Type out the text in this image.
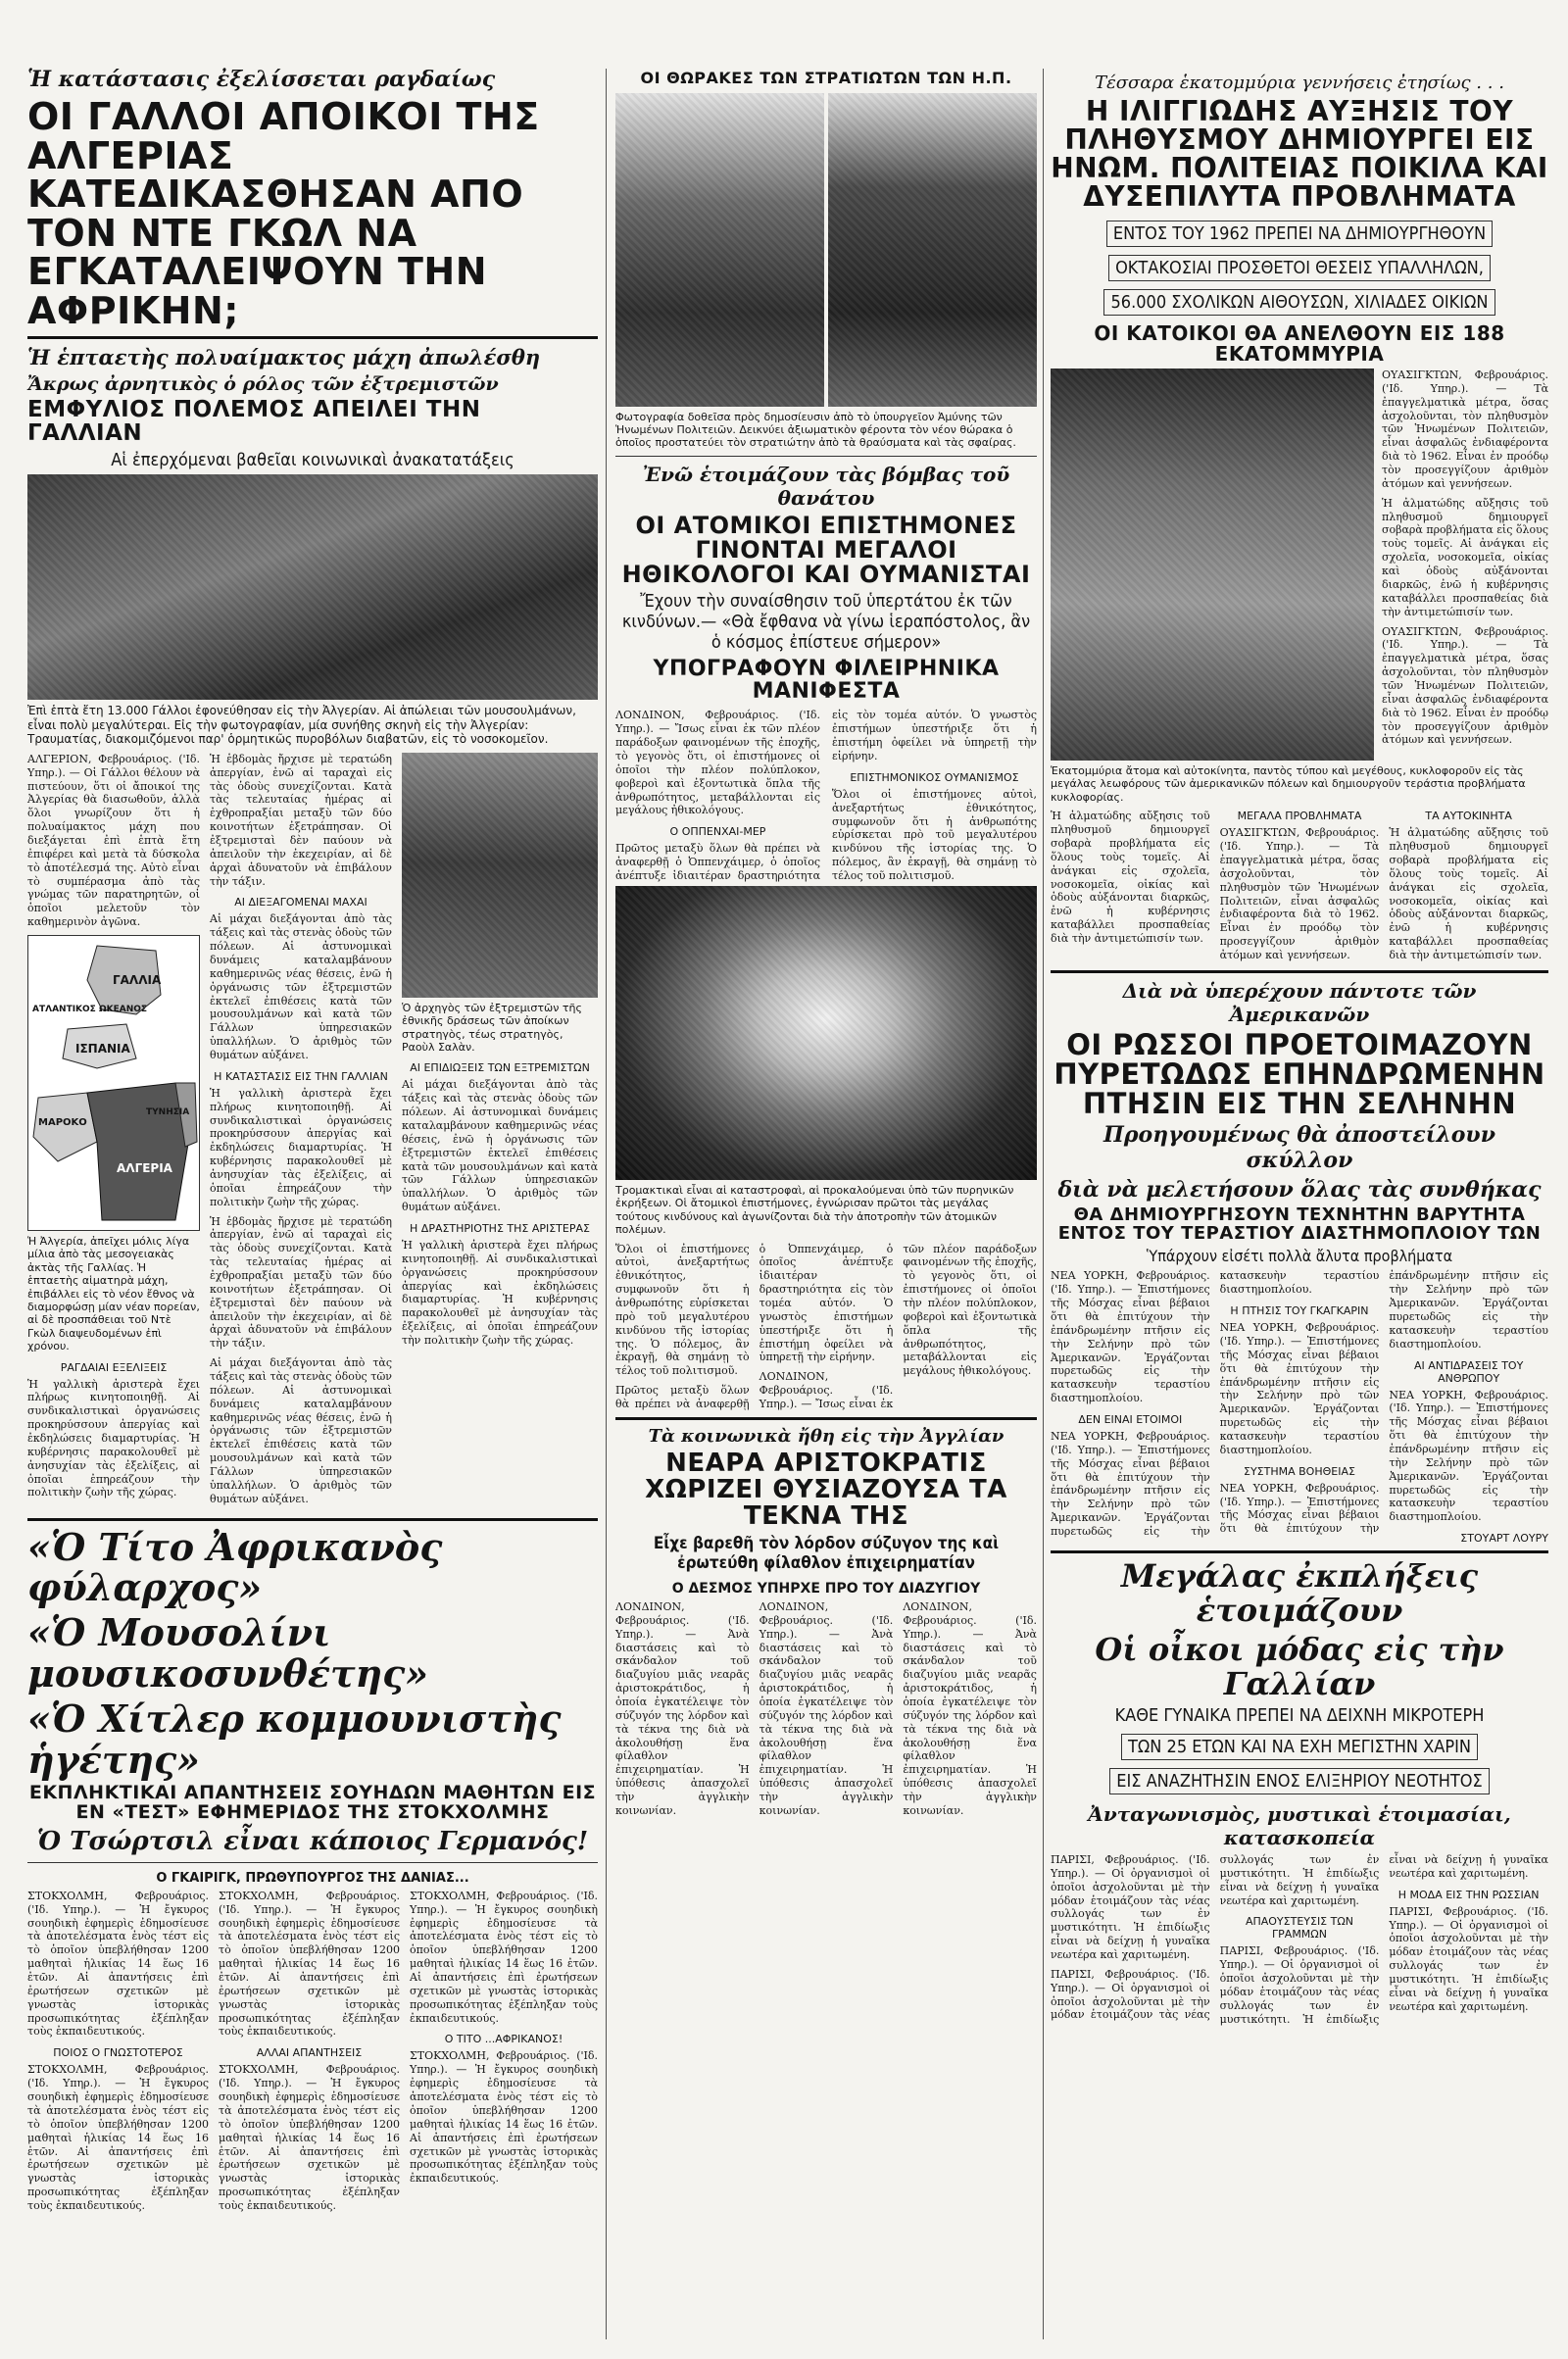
Ἡ κατάστασις ἐξελίσσεται ραγδαίως
ΟΙ ΓΑΛΛΟΙ ΑΠΟΙΚΟΙ ΤΗΣ ΑΛΓΕΡΙΑΣ ΚΑΤΕΔΙΚΑΣΘΗΣΑΝ ΑΠΟ ΤΟΝ ΝΤΕ ΓΚΩΛ ΝΑ ΕΓΚΑΤΑΛΕΙΨΟΥΝ ΤΗΝ ΑΦΡΙΚΗΝ;
Ἡ ἑπταετὴς πολυαίμακτος μάχη ἀπωλέσθη
Ἄκρως ἀρνητικὸς ὁ ρόλος τῶν ἐξτρεμιστῶν
ΕΜΦΥΛΙΟΣ ΠΟΛΕΜΟΣ ΑΠΕΙΛΕΙ ΤΗΝ ΓΑΛΛΙΑΝ
Αἱ ἐπερχόμεναι βαθεῖαι κοινωνικαὶ ἀνακατατάξεις
Ἐπὶ ἑπτὰ ἔτη 13.000 Γάλλοι ἐφονεύθησαν εἰς τὴν Ἀλγερίαν. Αἱ ἀπώλειαι τῶν μουσουλμάνων, εἶναι πολὺ μεγαλύτεραι. Εἰς τὴν φωτογραφίαν, μία συνήθης σκηνὴ εἰς τὴν Ἀλγερίαν: Τραυματίας, διακομιζόμενοι παρ' ὁρμητικῶς πυροβόλων διαβατῶν, εἰς τὸ νοσοκομεῖον.
ΑΛΓΕΡΙΟΝ, Φεβρουάριος. ('Ιδ. Υπηρ.). — Οἱ Γάλλοι θέλουν νὰ πιστεύουν, ὅτι οἱ ἄποικοί της Ἀλγερίας θὰ διασωθοῦν, ἀλλὰ ὅλοι γνωρίζουν ὅτι ἡ πολυαίμακτος μάχη που διεξάγεται ἐπὶ ἑπτὰ ἔτη ἐπιφέρει καὶ μετὰ τὰ δύσκολα τὸ ἀποτέλεσμά της. Αὐτὸ εἶναι τὸ συμπέρασμα ἀπὸ τὰς γνώμας τῶν παρατηρητῶν, οἱ ὁποῖοι μελετοῦν τὸν καθημερινὸν ἀγῶνα.
ΓΑΛΛΙΑ
ΑΤΛΑΝΤΙΚΟΣ ΩΚΕΑΝΟΣ
ΙΣΠΑΝΙΑ
ΜΑΡΟΚΟ
ΑΛΓΕΡΙΑ
ΤΥΝΗΣΙΑ
Ἡ Ἀλγερία, ἀπεῖχει μόλις λίγα μίλια ἀπὸ τὰς μεσογειακὰς ἀκτὰς τῆς Γαλλίας. Ἡ ἑπταετὴς αἱματηρὰ μάχη, ἐπιβάλλει εἰς τὸ νέον ἔθνος νὰ διαμορφώσῃ μίαν νέαν πορείαν, αἱ δὲ προσπάθειαι τοῦ Ντὲ Γκὼλ διαψευδομένων ἐπὶ χρόνου.
ΡΑΓΔΑΙΑΙ ΕΞΕΛΙΞΕΙΣ
Ἡ γαλλικὴ ἀριστερὰ ἔχει πλήρως κινητοποιηθῇ. Αἱ συνδικαλιστικαὶ ὀργανώσεις προκηρύσσουν ἀπεργίας καὶ ἐκδηλώσεις διαμαρτυρίας. Ἡ κυβέρνησις παρακολουθεῖ μὲ ἀνησυχίαν τὰς ἐξελίξεις, αἱ ὁποῖαι ἐπηρεάζουν τὴν πολιτικὴν ζωὴν τῆς χώρας.
Ἡ ἑβδομὰς ἤρχισε μὲ τερατώδη ἀπεργίαν, ἐνῶ αἱ ταραχαὶ εἰς τὰς ὁδοὺς συνεχίζονται. Κατὰ τὰς τελευταίας ἡμέρας αἱ ἐχθροπραξίαι μεταξὺ τῶν δύο κοινοτήτων ἐξετράπησαν. Οἱ ἐξτρεμισταὶ δὲν παύουν νὰ ἀπειλοῦν τὴν ἐκεχειρίαν, αἱ δὲ ἀρχαὶ ἀδυνατοῦν νὰ ἐπιβάλουν τὴν τάξιν.
ΑΙ ΔΙΕΞΑΓΟΜΕΝΑΙ ΜΑΧΑΙ
Αἱ μάχαι διεξάγονται ἀπὸ τὰς τάξεις καὶ τὰς στενὰς ὁδοὺς τῶν πόλεων. Αἱ ἀστυνομικαὶ δυνάμεις καταλαμβάνουν καθημερινῶς νέας θέσεις, ἐνῶ ἡ ὀργάνωσις τῶν ἐξτρεμιστῶν ἐκτελεῖ ἐπιθέσεις κατὰ τῶν μουσουλμάνων καὶ κατὰ τῶν Γάλλων ὑπηρεσιακῶν ὑπαλλήλων. Ὁ ἀριθμὸς τῶν θυμάτων αὐξάνει.
Η ΚΑΤΑΣΤΑΣΙΣ ΕΙΣ ΤΗΝ ΓΑΛΛΙΑΝ
Ἡ γαλλικὴ ἀριστερὰ ἔχει πλήρως κινητοποιηθῇ. Αἱ συνδικαλιστικαὶ ὀργανώσεις προκηρύσσουν ἀπεργίας καὶ ἐκδηλώσεις διαμαρτυρίας. Ἡ κυβέρνησις παρακολουθεῖ μὲ ἀνησυχίαν τὰς ἐξελίξεις, αἱ ὁποῖαι ἐπηρεάζουν τὴν πολιτικὴν ζωὴν τῆς χώρας.
Ἡ ἑβδομὰς ἤρχισε μὲ τερατώδη ἀπεργίαν, ἐνῶ αἱ ταραχαὶ εἰς τὰς ὁδοὺς συνεχίζονται. Κατὰ τὰς τελευταίας ἡμέρας αἱ ἐχθροπραξίαι μεταξὺ τῶν δύο κοινοτήτων ἐξετράπησαν. Οἱ ἐξτρεμισταὶ δὲν παύουν νὰ ἀπειλοῦν τὴν ἐκεχειρίαν, αἱ δὲ ἀρχαὶ ἀδυνατοῦν νὰ ἐπιβάλουν τὴν τάξιν.
Αἱ μάχαι διεξάγονται ἀπὸ τὰς τάξεις καὶ τὰς στενὰς ὁδοὺς τῶν πόλεων. Αἱ ἀστυνομικαὶ δυνάμεις καταλαμβάνουν καθημερινῶς νέας θέσεις, ἐνῶ ἡ ὀργάνωσις τῶν ἐξτρεμιστῶν ἐκτελεῖ ἐπιθέσεις κατὰ τῶν μουσουλμάνων καὶ κατὰ τῶν Γάλλων ὑπηρεσιακῶν ὑπαλλήλων. Ὁ ἀριθμὸς τῶν θυμάτων αὐξάνει.
Ὁ ἀρχηγὸς τῶν ἐξτρεμιστῶν τῆς ἐθνικῆς δράσεως τῶν ἀποίκων στρατηγὸς, τέως στρατηγὸς, Ραοὺλ Σαλὰν.
ΑΙ ΕΠΙΔΙΩΞΕΙΣ ΤΩΝ ΕΞΤΡΕΜΙΣΤΩΝ
Αἱ μάχαι διεξάγονται ἀπὸ τὰς τάξεις καὶ τὰς στενὰς ὁδοὺς τῶν πόλεων. Αἱ ἀστυνομικαὶ δυνάμεις καταλαμβάνουν καθημερινῶς νέας θέσεις, ἐνῶ ἡ ὀργάνωσις τῶν ἐξτρεμιστῶν ἐκτελεῖ ἐπιθέσεις κατὰ τῶν μουσουλμάνων καὶ κατὰ τῶν Γάλλων ὑπηρεσιακῶν ὑπαλλήλων. Ὁ ἀριθμὸς τῶν θυμάτων αὐξάνει.
Η ΔΡΑΣΤΗΡΙΟΤΗΣ ΤΗΣ ΑΡΙΣΤΕΡΑΣ
Ἡ γαλλικὴ ἀριστερὰ ἔχει πλήρως κινητοποιηθῇ. Αἱ συνδικαλιστικαὶ ὀργανώσεις προκηρύσσουν ἀπεργίας καὶ ἐκδηλώσεις διαμαρτυρίας. Ἡ κυβέρνησις παρακολουθεῖ μὲ ἀνησυχίαν τὰς ἐξελίξεις, αἱ ὁποῖαι ἐπηρεάζουν τὴν πολιτικὴν ζωὴν τῆς χώρας.
«Ὁ Τίτο Ἀφρικανὸς φύλαρχος»
«Ὁ Μουσολίνι μουσικοσυνθέτης»
«Ὁ Χίτλερ κομμουνιστὴς ἡγέτης»
ΕΚΠΛΗΚΤΙΚΑΙ ΑΠΑΝΤΗΣΕΙΣ ΣΟΥΗΔΩΝ ΜΑΘΗΤΩΝ ΕΙΣ ΕΝ «ΤΕΣΤ» ΕΦΗΜΕΡΙΔΟΣ ΤΗΣ ΣΤΟΚΧΟΛΜΗΣ
Ὁ Τσώρτσιλ εἶναι κάποιος Γερμανός!
Ο ΓΚΑΙΡΙΓΚ, ΠΡΩΘΥΠΟΥΡΓΟΣ ΤΗΣ ΔΑΝΙΑΣ...
ΣΤΟΚΧΟΛΜΗ, Φεβρουάριος. ('Ιδ. Υπηρ.). — Ἡ ἔγκυρος σουηδικὴ ἐφημερὶς ἐδημοσίευσε τὰ ἀποτελέσματα ἑνὸς τέστ εἰς τὸ ὁποῖον ὑπεβλήθησαν 1200 μαθηταὶ ἡλικίας 14 ἕως 16 ἐτῶν. Αἱ ἀπαντήσεις ἐπὶ ἐρωτήσεων σχετικῶν μὲ γνωστὰς ἱστορικὰς προσωπικότητας ἐξέπληξαν τοὺς ἐκπαιδευτικούς.
ΠΟΙΟΣ Ο ΓΝΩΣΤΟΤΕΡΟΣ
ΣΤΟΚΧΟΛΜΗ, Φεβρουάριος. ('Ιδ. Υπηρ.). — Ἡ ἔγκυρος σουηδικὴ ἐφημερὶς ἐδημοσίευσε τὰ ἀποτελέσματα ἑνὸς τέστ εἰς τὸ ὁποῖον ὑπεβλήθησαν 1200 μαθηταὶ ἡλικίας 14 ἕως 16 ἐτῶν. Αἱ ἀπαντήσεις ἐπὶ ἐρωτήσεων σχετικῶν μὲ γνωστὰς ἱστορικὰς προσωπικότητας ἐξέπληξαν τοὺς ἐκπαιδευτικούς.
ΣΤΟΚΧΟΛΜΗ, Φεβρουάριος. ('Ιδ. Υπηρ.). — Ἡ ἔγκυρος σουηδικὴ ἐφημερὶς ἐδημοσίευσε τὰ ἀποτελέσματα ἑνὸς τέστ εἰς τὸ ὁποῖον ὑπεβλήθησαν 1200 μαθηταὶ ἡλικίας 14 ἕως 16 ἐτῶν. Αἱ ἀπαντήσεις ἐπὶ ἐρωτήσεων σχετικῶν μὲ γνωστὰς ἱστορικὰς προσωπικότητας ἐξέπληξαν τοὺς ἐκπαιδευτικούς.
ΑΛΛΑΙ ΑΠΑΝΤΗΣΕΙΣ
ΣΤΟΚΧΟΛΜΗ, Φεβρουάριος. ('Ιδ. Υπηρ.). — Ἡ ἔγκυρος σουηδικὴ ἐφημερὶς ἐδημοσίευσε τὰ ἀποτελέσματα ἑνὸς τέστ εἰς τὸ ὁποῖον ὑπεβλήθησαν 1200 μαθηταὶ ἡλικίας 14 ἕως 16 ἐτῶν. Αἱ ἀπαντήσεις ἐπὶ ἐρωτήσεων σχετικῶν μὲ γνωστὰς ἱστορικὰς προσωπικότητας ἐξέπληξαν τοὺς ἐκπαιδευτικούς.
ΣΤΟΚΧΟΛΜΗ, Φεβρουάριος. ('Ιδ. Υπηρ.). — Ἡ ἔγκυρος σουηδικὴ ἐφημερὶς ἐδημοσίευσε τὰ ἀποτελέσματα ἑνὸς τέστ εἰς τὸ ὁποῖον ὑπεβλήθησαν 1200 μαθηταὶ ἡλικίας 14 ἕως 16 ἐτῶν. Αἱ ἀπαντήσεις ἐπὶ ἐρωτήσεων σχετικῶν μὲ γνωστὰς ἱστορικὰς προσωπικότητας ἐξέπληξαν τοὺς ἐκπαιδευτικούς.
Ο ΤΙΤΟ ...ΑΦΡΙΚΑΝΟΣ!
ΣΤΟΚΧΟΛΜΗ, Φεβρουάριος. ('Ιδ. Υπηρ.). — Ἡ ἔγκυρος σουηδικὴ ἐφημερὶς ἐδημοσίευσε τὰ ἀποτελέσματα ἑνὸς τέστ εἰς τὸ ὁποῖον ὑπεβλήθησαν 1200 μαθηταὶ ἡλικίας 14 ἕως 16 ἐτῶν. Αἱ ἀπαντήσεις ἐπὶ ἐρωτήσεων σχετικῶν μὲ γνωστὰς ἱστορικὰς προσωπικότητας ἐξέπληξαν τοὺς ἐκπαιδευτικούς.
ΟΙ ΘΩΡΑΚΕΣ ΤΩΝ ΣΤΡΑΤΙΩΤΩΝ ΤΩΝ Η.Π.
Φωτογραφία δοθεῖσα πρὸς δημοσίευσιν ἀπὸ τὸ ὑπουργεῖον Ἀμύνης τῶν Ἡνωμένων Πολιτειῶν. Δεικνύει ἀξιωματικὸν φέροντα τὸν νέον θώρακα ὁ ὁποῖος προστατεύει τὸν στρατιώτην ἀπὸ τὰ θραύσματα καὶ τὰς σφαίρας.
Ἐνῶ ἑτοιμάζουν τὰς βόμβας τοῦ θανάτου
ΟΙ ΑΤΟΜΙΚΟΙ ΕΠΙΣΤΗΜΟΝΕΣ ΓΙΝΟΝΤΑΙ ΜΕΓΑΛΟΙ ΗΘΙΚΟΛΟΓΟΙ ΚΑΙ ΟΥΜΑΝΙΣΤΑΙ
Ἔχουν τὴν συναίσθησιν τοῦ ὑπερτάτου ἐκ τῶν κινδύνων.— «Θὰ ἔφθανα νὰ γίνω ἱεραπόστολος, ἂν ὁ κόσμος ἐπίστευε σήμερον»
ΥΠΟΓΡΑΦΟΥΝ ΦΙΛΕΙΡΗΝΙΚΑ ΜΑΝΙΦΕΣΤΑ
ΛΟΝΔΙΝΟΝ, Φεβρουάριος. ('Ιδ. Υπηρ.). — Ἴσως εἶναι ἐκ τῶν πλέον παράδοξων φαινομένων τῆς ἐποχῆς, τὸ γεγονὸς ὅτι, οἱ ἐπιστήμονες οἱ ὁποῖοι τὴν πλέον πολύπλοκον, φοβεροὶ καὶ ἐξοντωτικὰ ὅπλα τῆς ἀνθρωπότητος, μεταβάλλονται εἰς μεγάλους ἠθικολόγους.
Ο ΟΠΠΕΝΧΑΙ-ΜΕΡ
Πρῶτος μεταξὺ ὅλων θὰ πρέπει νὰ ἀναφερθῇ ὁ Ὀππενχάιμερ, ὁ ὁποῖος ἀνέπτυξε ἰδιαιτέραν δραστηριότητα εἰς τὸν τομέα αὐτόν. Ὁ γνωστὸς ἐπιστήμων ὑπεστήριξε ὅτι ἡ ἐπιστήμη ὀφείλει νὰ ὑπηρετῇ τὴν εἰρήνην.
ΕΠΙΣΤΗΜΟΝΙΚΟΣ ΟΥΜΑΝΙΣΜΟΣ
Ὅλοι οἱ ἐπιστήμονες αὐτοὶ, ἀνεξαρτήτως ἐθνικότητος, συμφωνοῦν ὅτι ἡ ἀνθρωπότης εὑρίσκεται πρὸ τοῦ μεγαλυτέρου κινδύνου τῆς ἱστορίας της. Ὁ πόλεμος, ἂν ἐκραγῇ, θὰ σημάνῃ τὸ τέλος τοῦ πολιτισμοῦ.
Τρομακτικαὶ εἶναι αἱ καταστροφαὶ, αἱ προκαλούμεναι ὑπὸ τῶν πυρηνικῶν ἐκρήξεων. Οἱ ἄτομικοὶ ἐπιστήμονες, ἐγνώρισαν πρῶτοι τὰς μεγάλας τούτους κινδύνους καὶ ἀγωνίζονται διὰ τὴν ἀποτροπὴν τῶν ἀτομικῶν πολέμων.
Ὅλοι οἱ ἐπιστήμονες αὐτοὶ, ἀνεξαρτήτως ἐθνικότητος, συμφωνοῦν ὅτι ἡ ἀνθρωπότης εὑρίσκεται πρὸ τοῦ μεγαλυτέρου κινδύνου τῆς ἱστορίας της. Ὁ πόλεμος, ἂν ἐκραγῇ, θὰ σημάνῃ τὸ τέλος τοῦ πολιτισμοῦ.
Πρῶτος μεταξὺ ὅλων θὰ πρέπει νὰ ἀναφερθῇ ὁ Ὀππενχάιμερ, ὁ ὁποῖος ἀνέπτυξε ἰδιαιτέραν δραστηριότητα εἰς τὸν τομέα αὐτόν. Ὁ γνωστὸς ἐπιστήμων ὑπεστήριξε ὅτι ἡ ἐπιστήμη ὀφείλει νὰ ὑπηρετῇ τὴν εἰρήνην.
ΛΟΝΔΙΝΟΝ, Φεβρουάριος. ('Ιδ. Υπηρ.). — Ἴσως εἶναι ἐκ τῶν πλέον παράδοξων φαινομένων τῆς ἐποχῆς, τὸ γεγονὸς ὅτι, οἱ ἐπιστήμονες οἱ ὁποῖοι τὴν πλέον πολύπλοκον, φοβεροὶ καὶ ἐξοντωτικὰ ὅπλα τῆς ἀνθρωπότητος, μεταβάλλονται εἰς μεγάλους ἠθικολόγους.
Τὰ κοινωνικὰ ἤθη εἰς τὴν Ἀγγλίαν
ΝΕΑΡΑ ΑΡΙΣΤΟΚΡΑΤΙΣ ΧΩΡΙΖΕΙ ΘΥΣΙΑΖΟΥΣΑ ΤΑ ΤΕΚΝΑ ΤΗΣ
Εἶχε βαρεθῆ τὸν λόρδον σύζυγον της καὶ ἐρωτεύθη φίλαθλον ἐπιχειρηματίαν
Ο ΔΕΣΜΟΣ ΥΠΗΡΧΕ ΠΡΟ ΤΟΥ ΔΙΑΖΥΓΙΟΥ
ΛΟΝΔΙΝΟΝ, Φεβρουάριος. ('Ιδ. Υπηρ.). — Ἀνὰ διαστάσεις καὶ τὸ σκάνδαλον τοῦ διαζυγίου μιᾶς νεαρᾶς ἀριστοκράτιδος, ἡ ὁποία ἐγκατέλειψε τὸν σύζυγόν της λόρδον καὶ τὰ τέκνα της διὰ νὰ ἀκολουθήσῃ ἕνα φίλαθλον ἐπιχειρηματίαν. Ἡ ὑπόθεσις ἀπασχολεῖ τὴν ἀγγλικὴν κοινωνίαν.
ΛΟΝΔΙΝΟΝ, Φεβρουάριος. ('Ιδ. Υπηρ.). — Ἀνὰ διαστάσεις καὶ τὸ σκάνδαλον τοῦ διαζυγίου μιᾶς νεαρᾶς ἀριστοκράτιδος, ἡ ὁποία ἐγκατέλειψε τὸν σύζυγόν της λόρδον καὶ τὰ τέκνα της διὰ νὰ ἀκολουθήσῃ ἕνα φίλαθλον ἐπιχειρηματίαν. Ἡ ὑπόθεσις ἀπασχολεῖ τὴν ἀγγλικὴν κοινωνίαν.
ΛΟΝΔΙΝΟΝ, Φεβρουάριος. ('Ιδ. Υπηρ.). — Ἀνὰ διαστάσεις καὶ τὸ σκάνδαλον τοῦ διαζυγίου μιᾶς νεαρᾶς ἀριστοκράτιδος, ἡ ὁποία ἐγκατέλειψε τὸν σύζυγόν της λόρδον καὶ τὰ τέκνα της διὰ νὰ ἀκολουθήσῃ ἕνα φίλαθλον ἐπιχειρηματίαν. Ἡ ὑπόθεσις ἀπασχολεῖ τὴν ἀγγλικὴν κοινωνίαν.
Τέσσαρα ἑκατομμύρια γεννήσεις ἐτησίως . . .
Η ΙΛΙΓΓΙΩΔΗΣ ΑΥΞΗΣΙΣ ΤΟΥ ΠΛΗΘΥΣΜΟΥ ΔΗΜΙΟΥΡΓΕΙ ΕΙΣ ΗΝΩΜ. ΠΟΛΙΤΕΙΑΣ ΠΟΙΚΙΛΑ ΚΑΙ ΔΥΣΕΠΙΛΥΤΑ ΠΡΟΒΛΗΜΑΤΑ
ΕΝΤΟΣ ΤΟΥ 1962 ΠΡΕΠΕΙ ΝΑ ΔΗΜΙΟΥΡΓΗΘΟΥΝ ΟΚΤΑΚΟΣΙΑΙ ΠΡΟΣΘΕΤΟΙ ΘΕΣΕΙΣ ΥΠΑΛΛΗΛΩΝ, 56.000 ΣΧΟΛΙΚΩΝ ΑΙΘΟΥΣΩΝ, ΧΙΛΙΑΔΕΣ ΟΙΚΙΩΝ
ΟΙ ΚΑΤΟΙΚΟΙ ΘΑ ΑΝΕΛΘΟΥΝ ΕΙΣ 188 ΕΚΑΤΟΜΜΥΡΙΑ
ΟΥΑΣΙΓΚΤΩΝ, Φεβρουάριος. ('Ιδ. Υπηρ.). — Τὰ ἐπαγγελματικὰ μέτρα, ὅσας ἀσχολοῦνται, τὸν πληθυσμὸν τῶν Ἡνωμένων Πολιτειῶν, εἶναι ἀσφαλῶς ἐνδιαφέροντα διὰ τὸ 1962. Εἶναι ἐν προόδῳ τὸν προσεγγίζουν ἀριθμὸν ἀτόμων καὶ γεννήσεων.
Ἡ ἀλματώδης αὔξησις τοῦ πληθυσμοῦ δημιουργεῖ σοβαρὰ προβλήματα εἰς ὅλους τοὺς τομεῖς. Αἱ ἀνάγκαι εἰς σχολεῖα, νοσοκομεῖα, οἰκίας καὶ ὁδοὺς αὐξάνονται διαρκῶς, ἐνῶ ἡ κυβέρνησις καταβάλλει προσπαθείας διὰ τὴν ἀντιμετώπισίν των.
ΟΥΑΣΙΓΚΤΩΝ, Φεβρουάριος. ('Ιδ. Υπηρ.). — Τὰ ἐπαγγελματικὰ μέτρα, ὅσας ἀσχολοῦνται, τὸν πληθυσμὸν τῶν Ἡνωμένων Πολιτειῶν, εἶναι ἀσφαλῶς ἐνδιαφέροντα διὰ τὸ 1962. Εἶναι ἐν προόδῳ τὸν προσεγγίζουν ἀριθμὸν ἀτόμων καὶ γεννήσεων.
Ἑκατομμύρια ἄτομα καὶ αὐτοκίνητα, παντὸς τύπου καὶ μεγέθους, κυκλοφοροῦν εἰς τὰς μεγάλας λεωφόρους τῶν ἀμερικανικῶν πόλεων καὶ δημιουργοῦν τεράστια προβλήματα κυκλοφορίας.
Ἡ ἀλματώδης αὔξησις τοῦ πληθυσμοῦ δημιουργεῖ σοβαρὰ προβλήματα εἰς ὅλους τοὺς τομεῖς. Αἱ ἀνάγκαι εἰς σχολεῖα, νοσοκομεῖα, οἰκίας καὶ ὁδοὺς αὐξάνονται διαρκῶς, ἐνῶ ἡ κυβέρνησις καταβάλλει προσπαθείας διὰ τὴν ἀντιμετώπισίν των.
ΜΕΓΑΛΑ ΠΡΟΒΛΗΜΑΤΑ
ΟΥΑΣΙΓΚΤΩΝ, Φεβρουάριος. ('Ιδ. Υπηρ.). — Τὰ ἐπαγγελματικὰ μέτρα, ὅσας ἀσχολοῦνται, τὸν πληθυσμὸν τῶν Ἡνωμένων Πολιτειῶν, εἶναι ἀσφαλῶς ἐνδιαφέροντα διὰ τὸ 1962. Εἶναι ἐν προόδῳ τὸν προσεγγίζουν ἀριθμὸν ἀτόμων καὶ γεννήσεων.
ΤΑ ΑΥΤΟΚΙΝΗΤΑ
Ἡ ἀλματώδης αὔξησις τοῦ πληθυσμοῦ δημιουργεῖ σοβαρὰ προβλήματα εἰς ὅλους τοὺς τομεῖς. Αἱ ἀνάγκαι εἰς σχολεῖα, νοσοκομεῖα, οἰκίας καὶ ὁδοὺς αὐξάνονται διαρκῶς, ἐνῶ ἡ κυβέρνησις καταβάλλει προσπαθείας διὰ τὴν ἀντιμετώπισίν των.
Διὰ νὰ ὑπερέχουν πάντοτε τῶν Ἀμερικανῶν
ΟΙ ΡΩΣΣΟΙ ΠΡΟΕΤΟΙΜΑΖΟΥΝ ΠΥΡΕΤΩΔΩΣ ΕΠΗΝΔΡΩΜΕΝΗΝ ΠΤΗΣΙΝ ΕΙΣ ΤΗΝ ΣΕΛΗΝΗΝ
Προηγουμένως θὰ ἀποστείλουν σκύλλον
διὰ νὰ μελετήσουν ὅλας τὰς συνθήκας
ΘΑ ΔΗΜΙΟΥΡΓΗΣΟΥΝ ΤΕΧΝΗΤΗΝ ΒΑΡΥΤΗΤΑ ΕΝΤΟΣ ΤΟΥ ΤΕΡΑΣΤΙΟΥ ΔΙΑΣΤΗΜΟΠΛΟΙΟΥ ΤΩΝ
Ὑπάρχουν εἰσέτι πολλὰ ἄλυτα προβλήματα
ΝΕΑ ΥΟΡΚΗ, Φεβρουάριος. ('Ιδ. Υπηρ.). — Ἐπιστήμονες τῆς Μόσχας εἶναι βέβαιοι ὅτι θὰ ἐπιτύχουν τὴν ἐπάνδρωμένην πτῆσιν εἰς τὴν Σελήνην πρὸ τῶν Ἀμερικανῶν. Ἐργάζονται πυρετωδῶς εἰς τὴν κατασκευὴν τεραστίου διαστημοπλοίου.
ΔΕΝ ΕΙΝΑΙ ΕΤΟΙΜΟΙ
ΝΕΑ ΥΟΡΚΗ, Φεβρουάριος. ('Ιδ. Υπηρ.). — Ἐπιστήμονες τῆς Μόσχας εἶναι βέβαιοι ὅτι θὰ ἐπιτύχουν τὴν ἐπάνδρωμένην πτῆσιν εἰς τὴν Σελήνην πρὸ τῶν Ἀμερικανῶν. Ἐργάζονται πυρετωδῶς εἰς τὴν κατασκευὴν τεραστίου διαστημοπλοίου.
Η ΠΤΗΣΙΣ ΤΟΥ ΓΚΑΓΚΑΡΙΝ
ΝΕΑ ΥΟΡΚΗ, Φεβρουάριος. ('Ιδ. Υπηρ.). — Ἐπιστήμονες τῆς Μόσχας εἶναι βέβαιοι ὅτι θὰ ἐπιτύχουν τὴν ἐπάνδρωμένην πτῆσιν εἰς τὴν Σελήνην πρὸ τῶν Ἀμερικανῶν. Ἐργάζονται πυρετωδῶς εἰς τὴν κατασκευὴν τεραστίου διαστημοπλοίου.
ΣΥΣΤΗΜΑ ΒΟΗΘΕΙΑΣ
ΝΕΑ ΥΟΡΚΗ, Φεβρουάριος. ('Ιδ. Υπηρ.). — Ἐπιστήμονες τῆς Μόσχας εἶναι βέβαιοι ὅτι θὰ ἐπιτύχουν τὴν ἐπάνδρωμένην πτῆσιν εἰς τὴν Σελήνην πρὸ τῶν Ἀμερικανῶν. Ἐργάζονται πυρετωδῶς εἰς τὴν κατασκευὴν τεραστίου διαστημοπλοίου.
ΑΙ ΑΝΤΙΔΡΑΣΕΙΣ ΤΟΥ ΑΝΘΡΩΠΟΥ
ΝΕΑ ΥΟΡΚΗ, Φεβρουάριος. ('Ιδ. Υπηρ.). — Ἐπιστήμονες τῆς Μόσχας εἶναι βέβαιοι ὅτι θὰ ἐπιτύχουν τὴν ἐπάνδρωμένην πτῆσιν εἰς τὴν Σελήνην πρὸ τῶν Ἀμερικανῶν. Ἐργάζονται πυρετωδῶς εἰς τὴν κατασκευὴν τεραστίου διαστημοπλοίου.
ΣΤΟΥΑΡΤ ΛΟΥΡΥ
Μεγάλας ἐκπλήξεις ἑτοιμάζουν
Οἱ οἶκοι μόδας εἰς τὴν Γαλλίαν
ΚΑΘΕ ΓΥΝΑΙΚΑ ΠΡΕΠΕΙ ΝΑ ΔΕΙΧΝΗ ΜΙΚΡΟΤΕΡΗ
ΤΩΝ 25 ΕΤΩΝ ΚΑΙ ΝΑ ΕΧΗ ΜΕΓΙΣΤΗΝ ΧΑΡΙΝ ΕΙΣ ΑΝΑΖΗΤΗΣΙΝ ΕΝΟΣ ΕΛΙΞΗΡΙΟΥ ΝΕΟΤΗΤΟΣ
Ἀνταγωνισμὸς, μυστικαὶ ἑτοιμασίαι, κατασκοπεία
ΠΑΡΙΣΙ, Φεβρουάριος. ('Ιδ. Υπηρ.). — Οἱ ὀργανισμοὶ οἱ ὁποῖοι ἀσχολοῦνται μὲ τὴν μόδαν ἑτοιμάζουν τὰς νέας συλλογάς των ἐν μυστικότητι. Ἡ ἐπιδίωξις εἶναι νὰ δείχνῃ ἡ γυναῖκα νεωτέρα καὶ χαριτωμένη.
ΠΑΡΙΣΙ, Φεβρουάριος. ('Ιδ. Υπηρ.). — Οἱ ὀργανισμοὶ οἱ ὁποῖοι ἀσχολοῦνται μὲ τὴν μόδαν ἑτοιμάζουν τὰς νέας συλλογάς των ἐν μυστικότητι. Ἡ ἐπιδίωξις εἶναι νὰ δείχνῃ ἡ γυναῖκα νεωτέρα καὶ χαριτωμένη.
ΑΠΑΟΥΣΤΕΥΣΙΣ ΤΩΝ ΓΡΑΜΜΩΝ
ΠΑΡΙΣΙ, Φεβρουάριος. ('Ιδ. Υπηρ.). — Οἱ ὀργανισμοὶ οἱ ὁποῖοι ἀσχολοῦνται μὲ τὴν μόδαν ἑτοιμάζουν τὰς νέας συλλογάς των ἐν μυστικότητι. Ἡ ἐπιδίωξις εἶναι νὰ δείχνῃ ἡ γυναῖκα νεωτέρα καὶ χαριτωμένη.
Η ΜΟΔΑ ΕΙΣ ΤΗΝ ΡΩΣΣΙΑΝ
ΠΑΡΙΣΙ, Φεβρουάριος. ('Ιδ. Υπηρ.). — Οἱ ὀργανισμοὶ οἱ ὁποῖοι ἀσχολοῦνται μὲ τὴν μόδαν ἑτοιμάζουν τὰς νέας συλλογάς των ἐν μυστικότητι. Ἡ ἐπιδίωξις εἶναι νὰ δείχνῃ ἡ γυναῖκα νεωτέρα καὶ χαριτωμένη.
